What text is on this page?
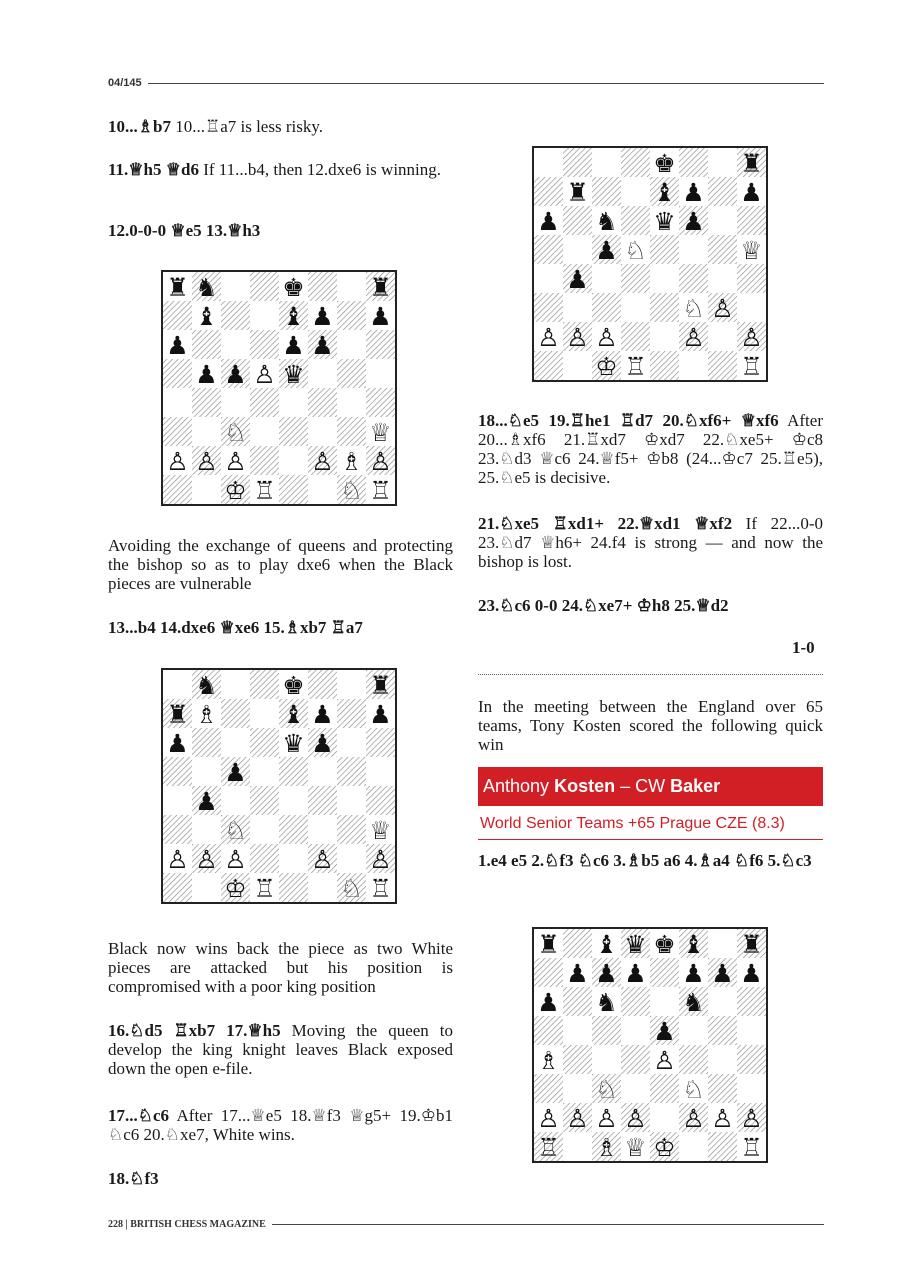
04/145

10...♗b7 10...♖a7 is less risky.

11.♕h5 ♕d6 If 11...b4, then 12.dxe6 is winning.

12.0-0-0 ♕e5 13.♕h3

Avoiding the exchange of queens and protecting the bishop so as to play dxe6 when the Black pieces are vulnerable

13...b4 14.dxe6 ♕xe6 15.♗xb7 ♖a7

Black now wins back the piece as two White pieces are attacked but his position is compromised with a poor king position

16.♘d5 ♖xb7 17.♕h5 Moving the queen to develop the king knight leaves Black exposed down the open e-file.

17...♘c6 After 17...♕e5 18.♕f3 ♕g5+ 19.♔b1 ♘c6 20.♘xe7, White wins.

18.♘f3

♜ ♞	♚	♜
♝	♝ ♟ ♟
♟	♟ ♟
♟ ♟ ♙ ♛
♘	♕
♙ ♙ ♙	♙ ♗ ♙
♔ ♖	♘ ♖
♞	♚	♜
♜ ♗	♝ ♟ ♟
♟	♛ ♟
♟
♟
♘	♕
♙ ♙ ♙	♙ ♙
♔ ♖	♘ ♖
♚	♜
♜	♝ ♟ ♟
♟ ♞ ♛ ♟
♟ ♘	♕
♟
♘ ♙
♙ ♙ ♙	♙ ♙
♔ ♖	♖
♜ ♝ ♛ ♚ ♝ ♜
♟ ♟ ♟ ♟ ♟ ♟
♟ ♞	♞
♟
♗	♙
♘	♘
♙ ♙ ♙ ♙ ♙ ♙ ♙
♖ ♗ ♕ ♔	♖

18...♘e5 19.♖he1 ♖d7 20.♘xf6+ ♕xf6 After 20...♗xf6 21.♖xd7 ♔xd7 22.♘xe5+ ♔c8 23.♘d3 ♕c6 24.♕f5+ ♔b8 (24...♔c7 25.♖e5), 25.♘e5 is decisive.

21.♘xe5 ♖xd1+ 22.♕xd1 ♕xf2 If 22...0-0 23.♘d7 ♕h6+ 24.f4 is strong — and now the bishop is lost.

23.♘c6 0-0 24.♘xe7+ ♔h8 25.♕d2

In the meeting between the England over 65 teams, Tony Kosten scored the following quick win

1.e4 e5 2.♘f3 ♘c6 3.♗b5 a6 4.♗a4 ♘f6 5.♘c3

1-0
Anthony Kosten – CW Baker
World Senior Teams +65 Prague CZE (8.3)
228 | BRITISH CHESS MAGAZINE
